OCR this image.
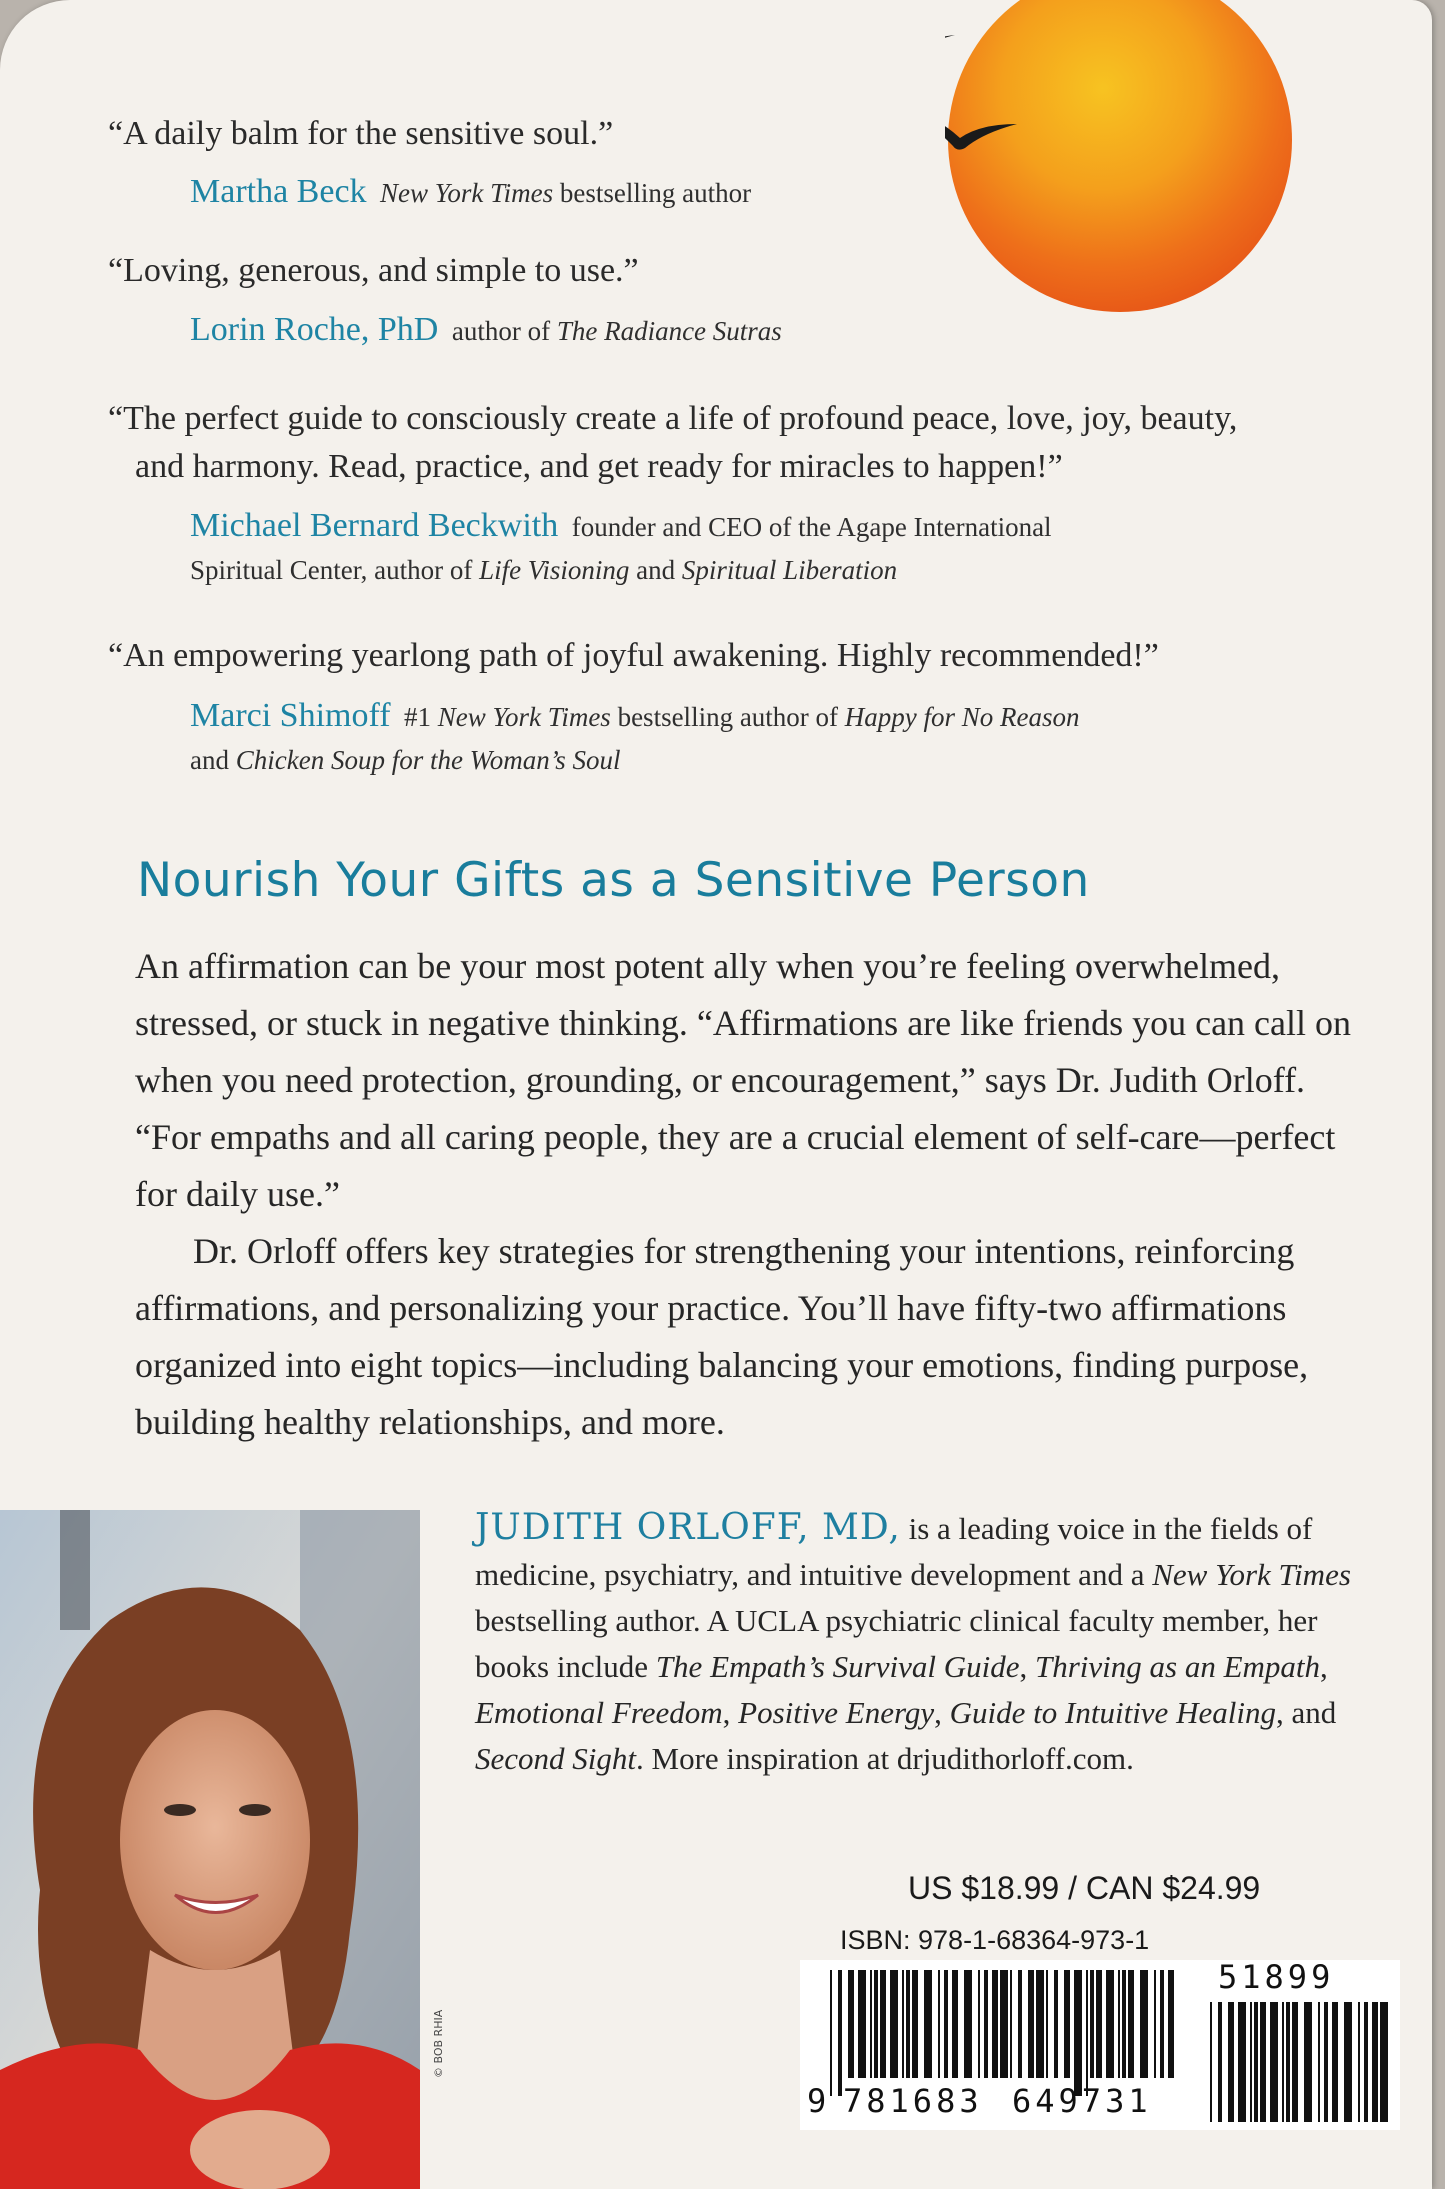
“A daily balm for the sensitive soul.”

Martha Beck New York Times bestselling author

“Loving, generous, and simple to use.”

Lorin Roche, PhD author of The Radiance Sutras

“The perfect guide to consciously create a life of profound peace, love, joy, beauty,

and harmony. Read, practice, and get ready for miracles to happen!”

Michael Bernard Beckwith founder and CEO of the Agape International
Spiritual Center, author of Life Visioning and Spiritual Liberation

“An empowering yearlong path of joyful awakening. Highly recommended!”

Marci Shimoff #1 New York Times bestselling author of Happy for No Reason
and Chicken Soup for the Woman’s Soul
Nourish Your Gifts as a Sensitive Person

An affirmation can be your most potent ally when you’re feeling overwhelmed, stressed, or stuck in negative thinking. “Affirmations are like friends you can call on when you need protection, grounding, or encouragement,” says Dr. Judith Orloff. “For empaths and all caring people, they are a crucial element of self-care—perfect for daily use.”

Dr. Orloff offers key strategies for strengthening your intentions, reinforcing affirmations, and personalizing your practice. You’ll have fifty-two affirmations organized into eight topics—including balancing your emotions, finding purpose, building healthy relationships, and more.

© BOB RHIA

JUDITH ORLOFF, MD, is a leading voice in the fields of medicine, psychiatry, and intuitive development and a New York Times bestselling author. A UCLA psychiatric clinical faculty member, her books include The Empath’s Survival Guide, Thriving as an Empath, Emotional Freedom, Positive Energy, Guide to Intuitive Healing, and Second Sight. More inspiration at drjudithorloff.com.

US $18.99 / CAN $24.99
ISBN: 978-1-68364-973-1
9 781683 649731
51899
